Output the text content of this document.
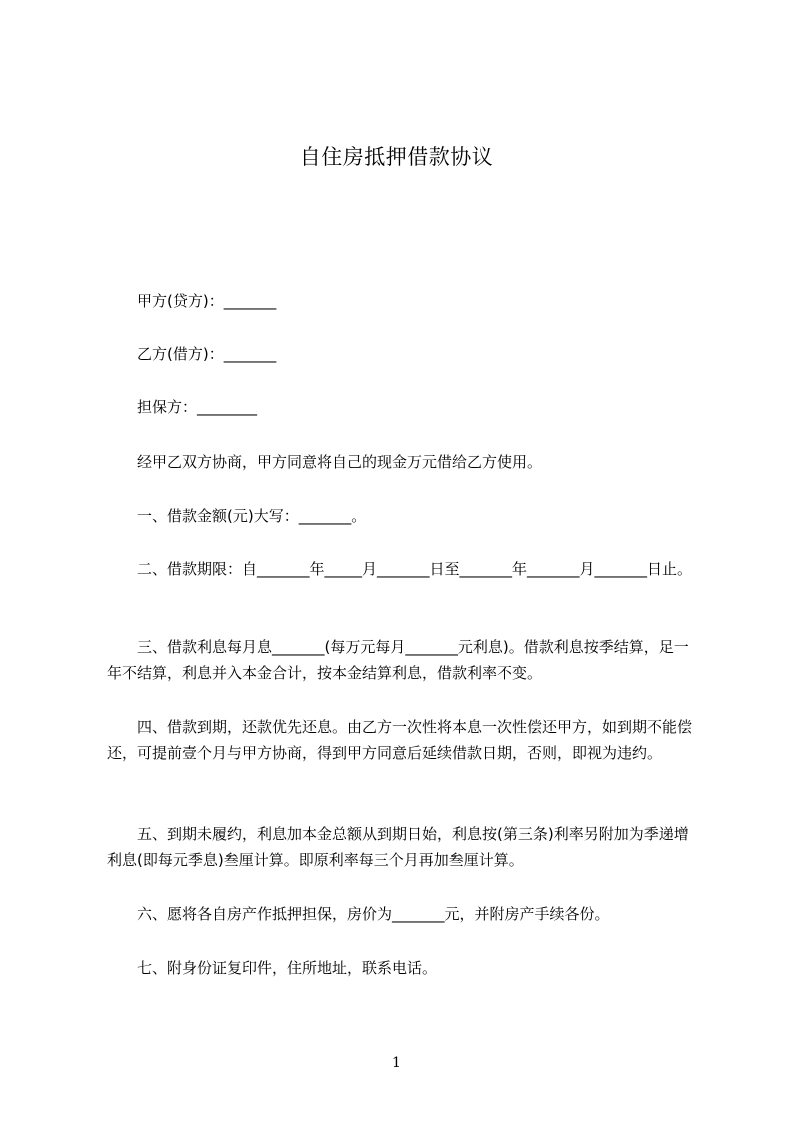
自住房抵押借款协议
甲方(贷方)：_______
乙方(借方)：_______
担保方：________
经甲乙双方协商，甲方同意将自己的现金万元借给乙方使用。
一、借款金额(元)大写：_______。
二、借款期限：自_______年_____月_______日至_______年_______月_______日止。
三、借款利息每月息_______(每万元每月_______元利息)。借款利息按季结算，足一年不结算，利息并入本金合计，按本金结算利息，借款利率不变。
四、借款到期，还款优先还息。由乙方一次性将本息一次性偿还甲方，如到期不能偿还，可提前壹个月与甲方协商，得到甲方同意后延续借款日期，否则，即视为违约。
五、到期未履约，利息加本金总额从到期日始，利息按(第三条)利率另附加为季递增利息(即每元季息)叁厘计算。即原利率每三个月再加叁厘计算。
六、愿将各自房产作抵押担保，房价为_______元，并附房产手续各份。
七、附身份证复印件，住所地址，联系电话。
1
